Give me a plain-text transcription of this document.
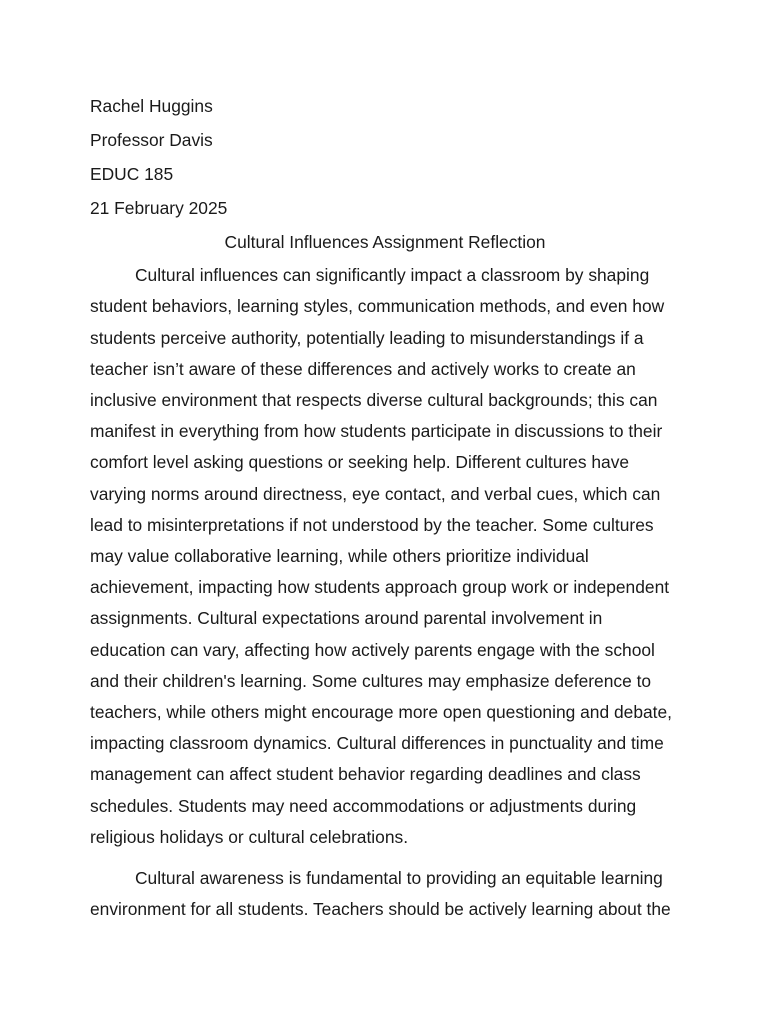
Rachel Huggins
Professor Davis
EDUC 185
21 February 2025
Cultural Influences Assignment Reflection

Cultural influences can significantly impact a classroom by shaping student behaviors, learning styles, communication methods, and even how students perceive authority, potentially leading to misunderstandings if a teacher isn’t aware of these differences and actively works to create an inclusive environment that respects diverse cultural backgrounds; this can manifest in everything from how students participate in discussions to their comfort level asking questions or seeking help. Different cultures have varying norms around directness, eye contact, and verbal cues, which can lead to misinterpretations if not understood by the teacher. Some cultures may value collaborative learning, while others prioritize individual achievement, impacting how students approach group work or independent assignments. Cultural expectations around parental involvement in education can vary, affecting how actively parents engage with the school and their children's learning. Some cultures may emphasize deference to teachers, while others might encourage more open questioning and debate, impacting classroom dynamics. Cultural differences in punctuality and time management can affect student behavior regarding deadlines and class schedules. Students may need accommodations or adjustments during religious holidays or cultural celebrations.

Cultural awareness is fundamental to providing an equitable learning environment for all students. Teachers should be actively learning about the
